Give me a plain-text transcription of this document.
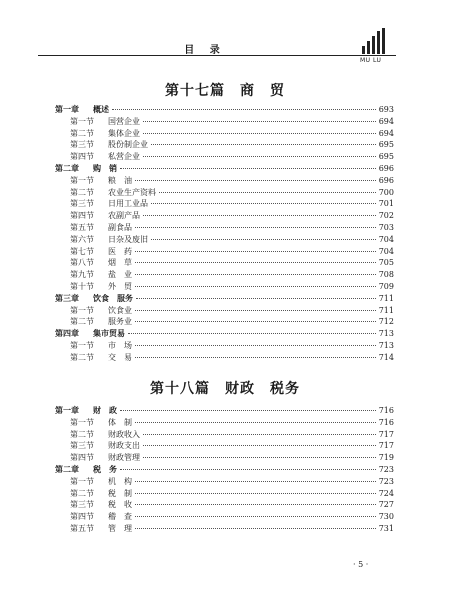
目 录
MU LU
第十七篇　商　贸
第一章	概述	693
第一节	国营企业	694
第二节	集体企业	694
第三节	股份制企业	695
第四节	私营企业	695
第二章	购　销	696
第一节	粮　油	696
第二节	农业生产资料	700
第三节	日用工业品	701
第四节	农副产品	702
第五节	副食品	703
第六节	日杂及废旧	704
第七节	医　药	704
第八节	烟　草	705
第九节	盐　业	708
第十节	外　贸	709
第三章	饮食　服务	711
第一节	饮食业	711
第二节	服务业	712
第四章	集市贸易	713
第一节	市　场	713
第二节	交　易	714
第十八篇　财政　税务
第一章	财　政	716
第一节	体　制	716
第二节	财政收入	717
第三节	财政支出	717
第四节	财政管理	719
第二章	税　务	723
第一节	机　构	723
第二节	税　制	724
第三节	税　收	727
第四节	稽　查	730
第五节	管　理	731
· 5 ·
